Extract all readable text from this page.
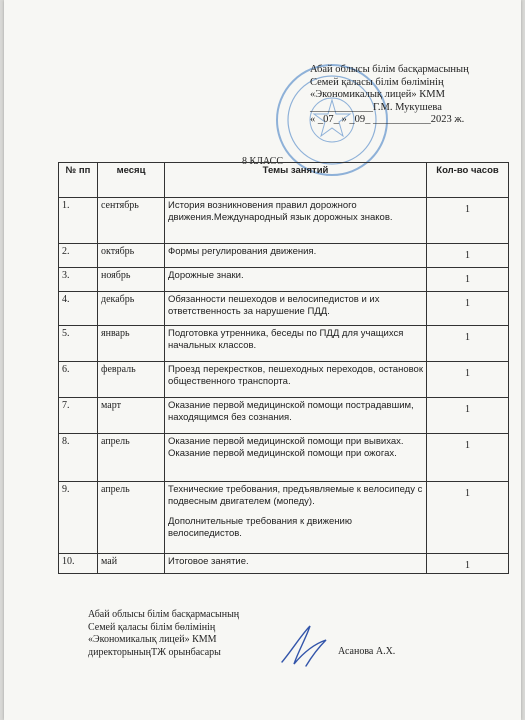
Абай облысы білім басқармасының
Семей қаласы білім бөлімінің
«Экономикалық лицей» КММ
____________Г.М. Мукушева
« _07_ » _09_ ___________2023 ж.
8 КЛАСС
№ пп	месяц	Темы занятий	Кол-во часов
1.	сентябрь	История возникновения правил дорожного движения.Международный язык дорожных знаков.	1
2.	октябрь	Формы регулирования движения.	1
3.	ноябрь	Дорожные знаки.	1
4.	декабрь	Обязанности пешеходов и велосипедистов и их ответственность за нарушение ПДД.	1
5.	январь	Подготовка утренника, беседы по ПДД для учащихся начальных классов.	1
6.	февраль	Проезд перекрестков, пешеходных переходов, остановок общественного транспорта.	1
7.	март	Оказание первой медицинской помощи пострадавшим, находящимся без сознания.	1
8.	апрель	Оказание первой медицинской помощи при вывихах. Оказание первой медицинской помощи при ожогах.	1
9.	апрель	Технические требования, предъявляемые к велосипеду с подвесным двигателем (мопеду).
Дополнительные требования к движению велосипедистов.	1
10.	май	Итоговое занятие.	1
Абай облысы білім басқармасының
Семей қаласы білім бөлімінің
«Экономикалық лицей» КММ
директорыныңТЖ орынбасары	Асанова А.Х.
